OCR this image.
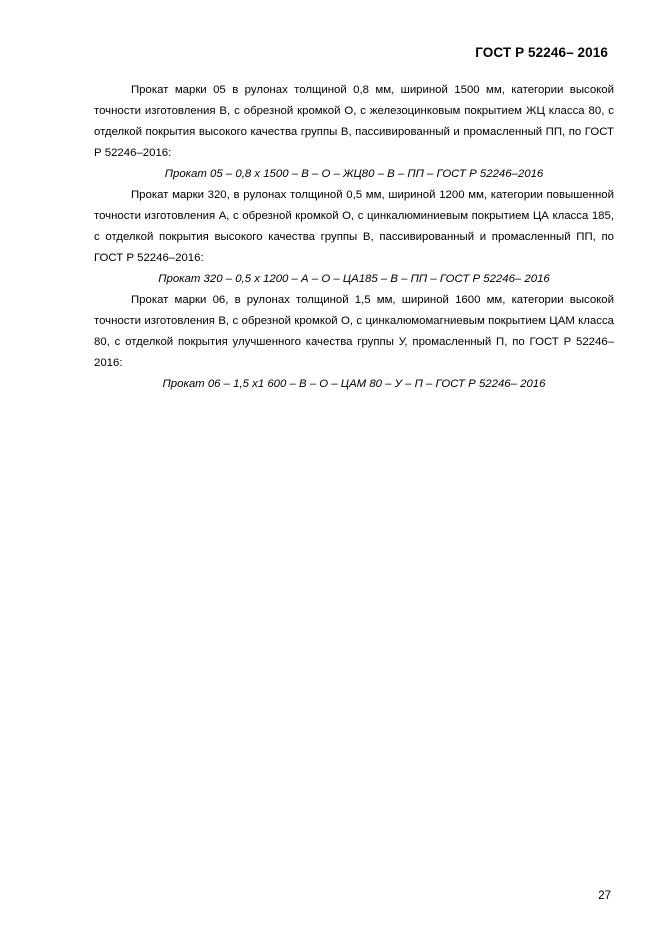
ГОСТ Р 52246– 2016

Прокат марки 05 в рулонах толщиной 0,8 мм, шириной 1500 мм, категории высокой точности изготовления В, с обрезной кромкой О, с железоцинковым покрытием ЖЦ класса 80, с отделкой покрытия высокого качества группы В, пассивированный и промасленный ПП, по ГОСТ Р 52246–2016:

Прокат 05 – 0,8 х 1500 – В – О – ЖЦ80 – В – ПП – ГОСТ Р 52246–2016

Прокат марки 320, в рулонах толщиной 0,5 мм, шириной 1200 мм, категории повышенной точности изготовления А, с обрезной кромкой О, с цинкалюминиевым покрытием ЦА класса 185, с отделкой покрытия высокого качества группы В, пассивированный и промасленный ПП, по ГОСТ Р 52246–2016:

Прокат 320 – 0,5 х 1200 – А – О – ЦА185 – В – ПП – ГОСТ Р 52246– 2016

Прокат марки 06, в рулонах толщиной 1,5 мм, шириной 1600 мм, категории высокой точности изготовления В, с обрезной кромкой О, с цинкалюмомагниевым покрытием ЦАМ класса 80, с отделкой покрытия улучшенного качества группы У, промасленный П, по ГОСТ Р 52246–2016:

Прокат 06 – 1,5 х1 600 – В – О – ЦАМ 80 – У – П – ГОСТ Р 52246– 2016

27
